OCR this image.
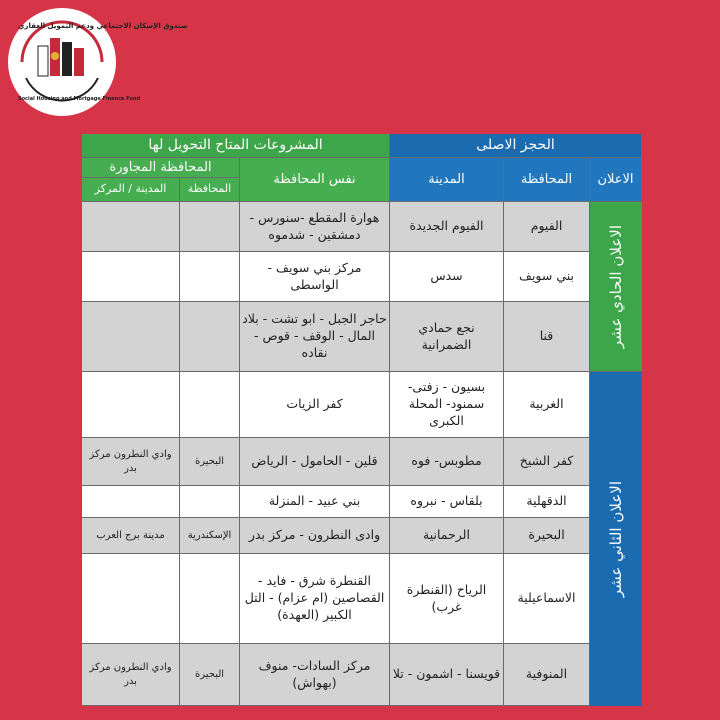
صندوق الإسكان الاجتماعي ودعم التمويل العقاري
Social Housing and Mortgage Finance Fund
الحجز الاصلى
المشروعات المتاح التحويل لها
الاعلان
المحافظة
المدينة
نفس المحافظة
المحافظة المجاورة
المحافظة
المدينة / المركز
الاعلان الحادي عشر
الاعلان الثاني عشر
الفيوم
الفيوم الجديدة
هوارة المقطع -سنورس - دمشقين - شدموه
بني سويف
سدس
مركز بني سويف - الواسطى
قنا
نجع حمادي الضمرانية
حاجر الجبل - ابو تشت - بلاد المال - الوقف - قوص - نقاده
الغربية
بسيون - زفتى- سمنود- المحلة الكبرى
كفر الزيات
كفر الشيخ
مطوبس- فوه
قلين - الحامول - الرياض
البحيرة
وادي النطرون مركز بدر
الدقهلية
بلقاس - نبروه
بني عبيد - المنزلة
البحيرة
الرحمانية
وادى النطرون - مركز بدر
الإسكندرية
مدينة برج العرب
الاسماعيلية
الرياح (القنطرة غرب)
القنطرة شرق - فايد - القصاصين (ام عزام) - التل الكبير (العهدة)
المنوفية
قويسنا - اشمون - تلا
مركز السادات- منوف (بهواش)
البحيرة
وادي النطرون مركز بدر
